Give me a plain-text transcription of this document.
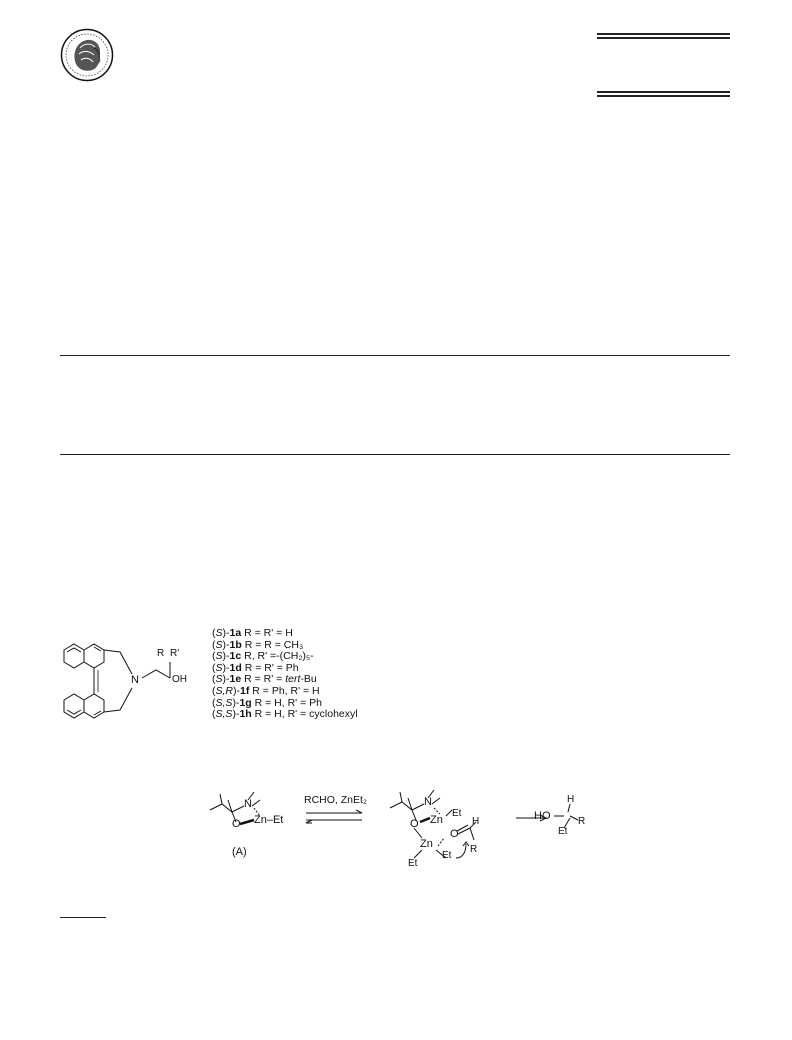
N
R R'
OH
(S)-1a R = R' = H
(S)-1b R = R = CH₃
(S)-1c R, R' =-(CH₂)₅-
(S)-1d R = R' = Ph
(S)-1e R = R' = tert-Bu
(S,R)-1f R = Ph, R' = H
(S,S)-1g R = H, R' = Ph
(S,S)-1h R = H, R' = cyclohexyl
N
O Zn–Et
(A)
RCHO, ZnEt₂	N
Zn
Et
O
Zn
O
H
R
Et
Et
HO
H
R
Et
